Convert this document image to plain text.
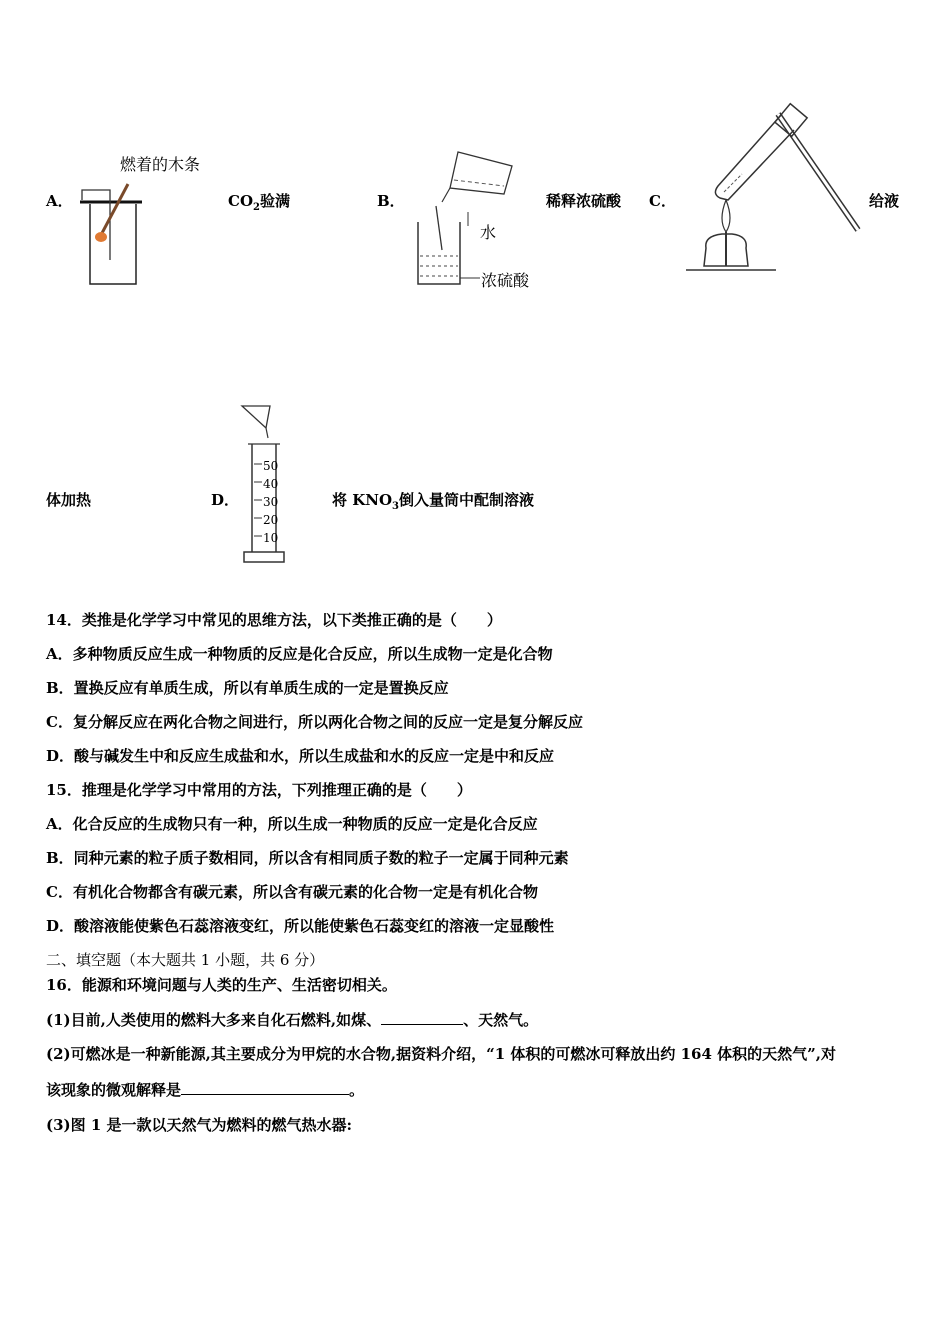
燃着的木条
A．	$CO_2$验满	B．
水
浓硫酸
稀释浓硫酸 C．	给液
体加热	D．
50
40
30
20
10
将 $KNO_3$倒入量筒中配制溶液
14．类推是化学学习中常见的思维方法，以下类推正确的是（　　）
A．多种物质反应生成一种物质的反应是化合反应，所以生成物一定是化合物
B．置换反应有单质生成，所以有单质生成的一定是置换反应
C．复分解反应在两化合物之间进行，所以两化合物之间的反应一定是复分解反应
D．酸与碱发生中和反应生成盐和水，所以生成盐和水的反应一定是中和反应
15．推理是化学学习中常用的方法，下列推理正确的是（　　）
A．化合反应的生成物只有一种，所以生成一种物质的反应一定是化合反应
B．同种元素的粒子质子数相同，所以含有相同质子数的粒子一定属于同种元素
C．有机化合物都含有碳元素，所以含有碳元素的化合物一定是有机化合物
D．酸溶液能使紫色石蕊溶液变红，所以能使紫色石蕊变红的溶液一定显酸性
二、填空题（本大题共 1 小题，共 6 分）
16．能源和环境问题与人类的生产、生活密切相关。
(1)目前,人类使用的燃料大多来自化石燃料,如煤、	、天然气。
(2)可燃冰是一种新能源,其主要成分为甲烷的水合物,据资料介绍，“1 体积的可燃冰可释放出约 164 体积的天然气”,对
该现象的微观解释是	。
(3)图 1 是一款以天然气为燃料的燃气热水器:
